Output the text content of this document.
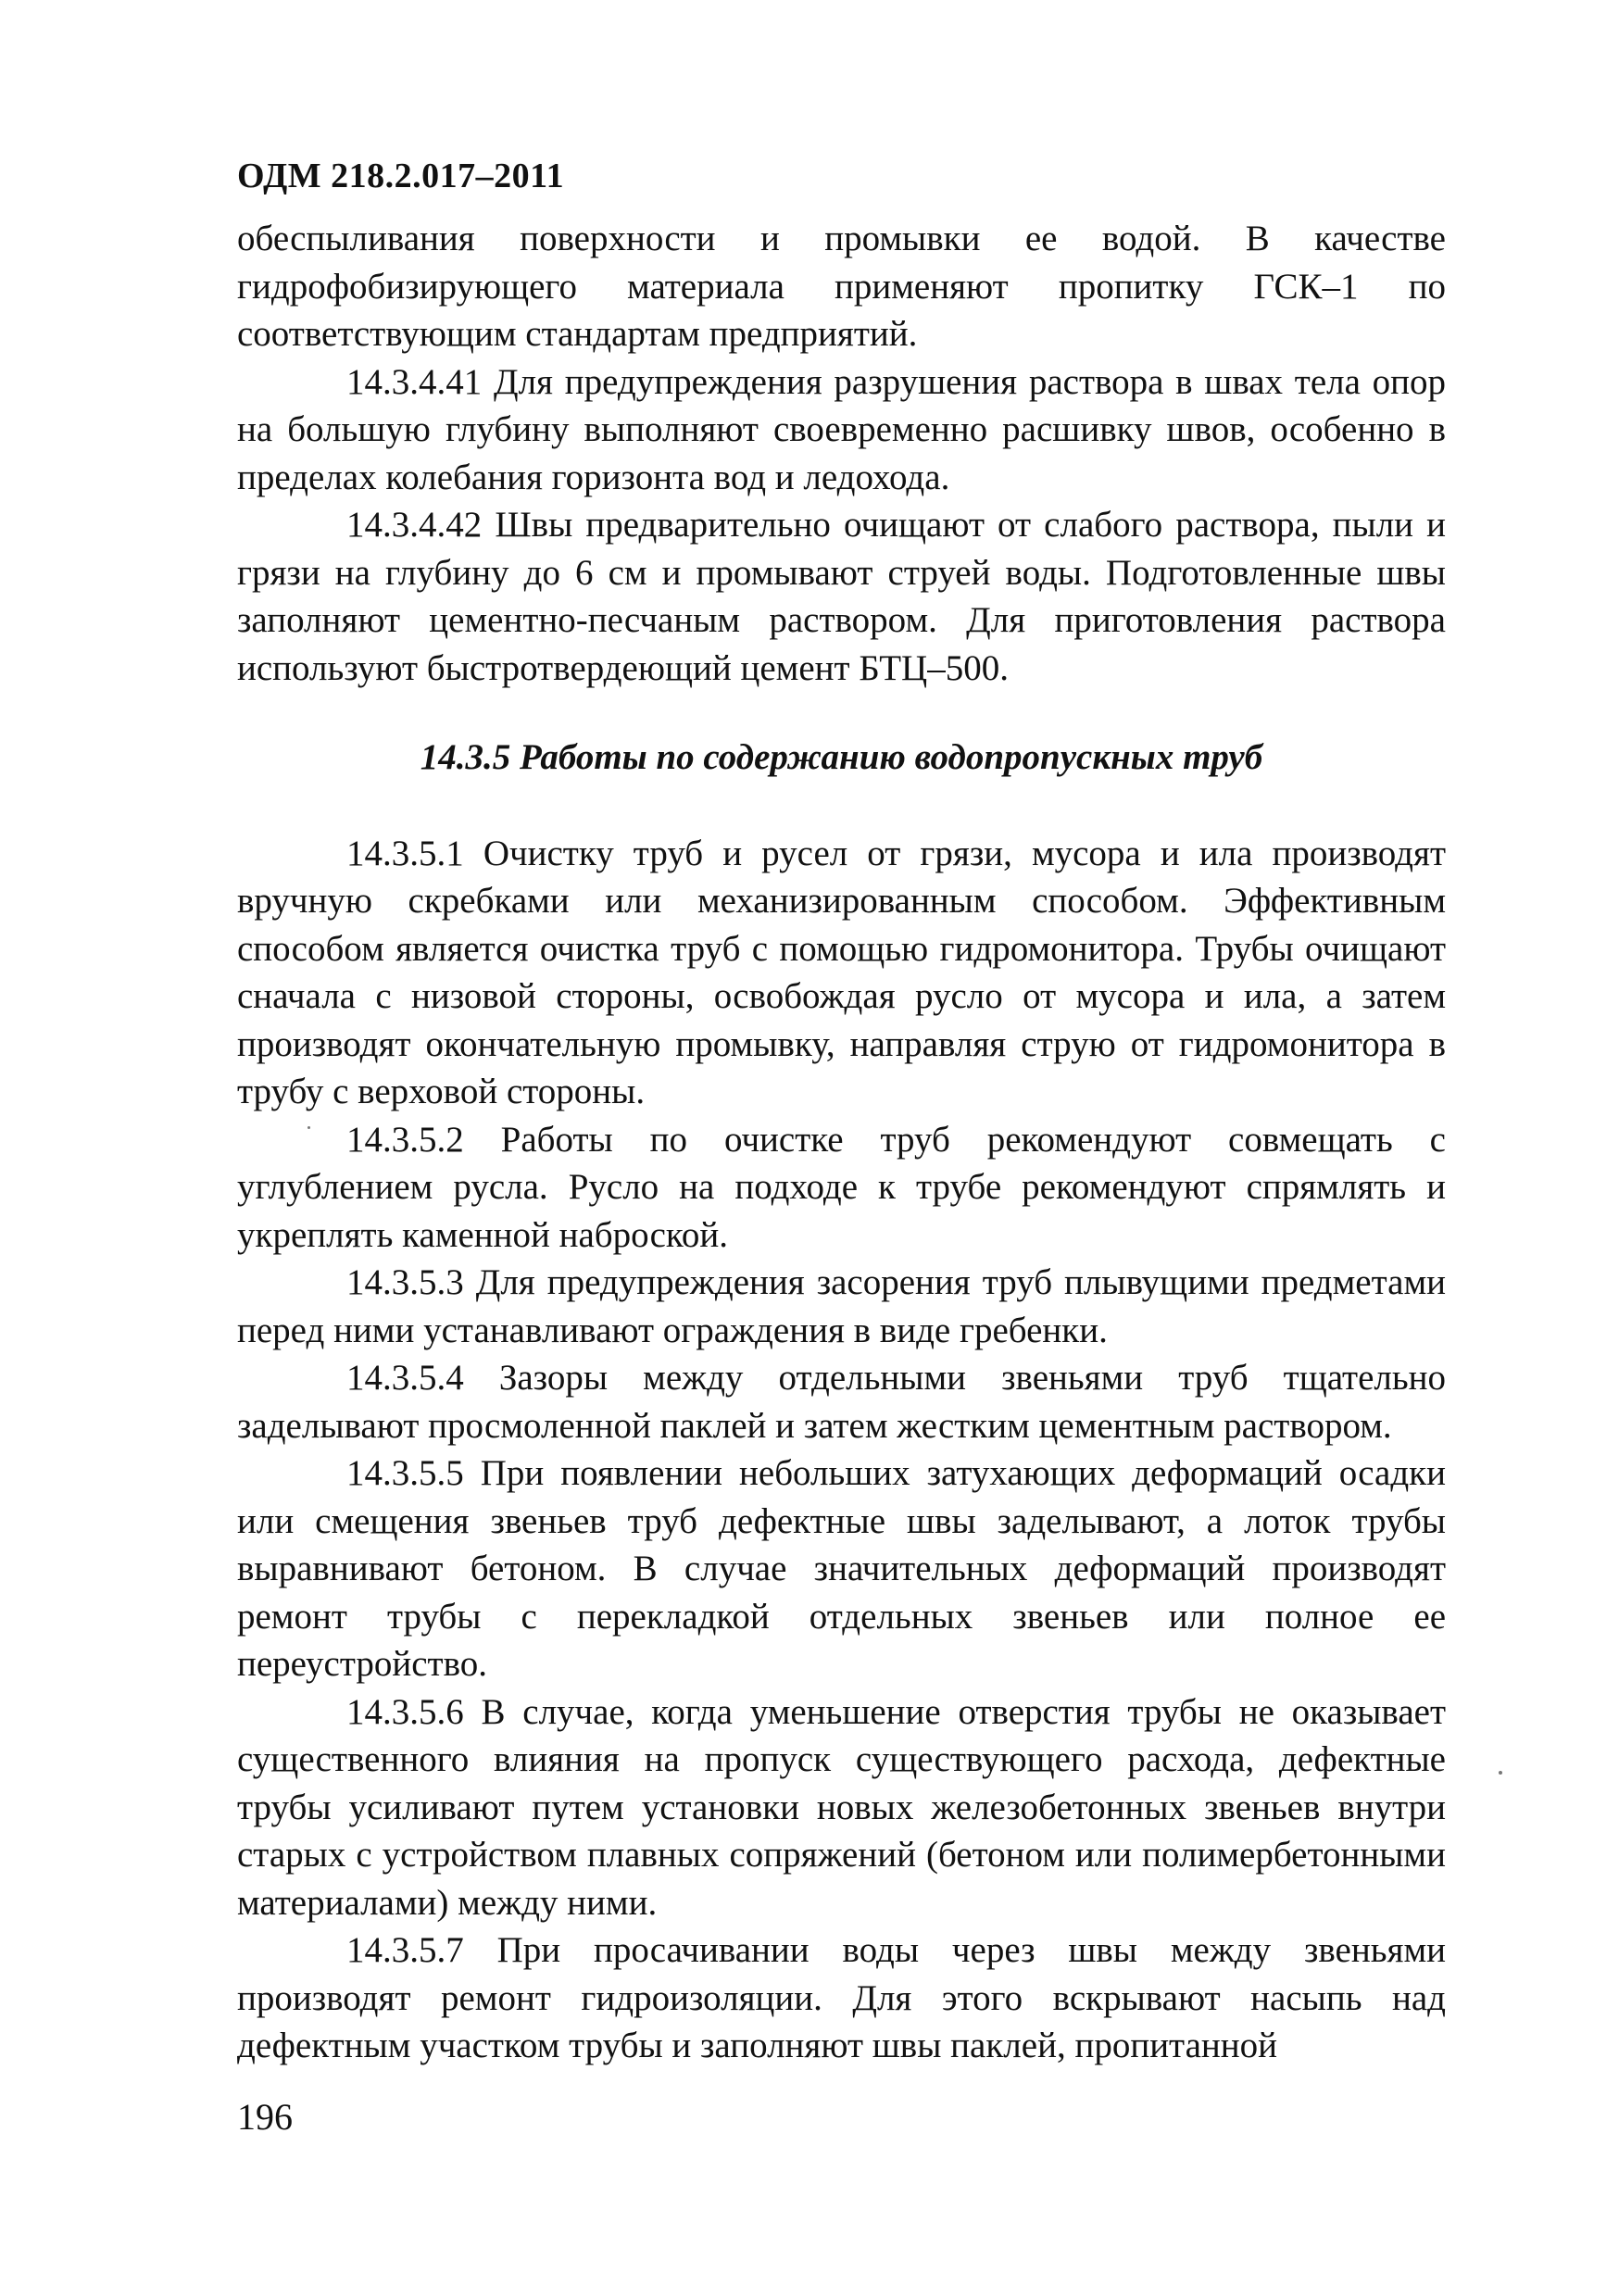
ОДМ 218.2.017–2011

обеспыливания поверхности и промывки ее водой. В качестве гидрофобизирующего материала применяют пропитку ГСК–1 по соответствующим стандартам предприятий.

14.3.4.41 Для предупреждения разрушения раствора в швах тела опор на большую глубину выполняют своевременно расшивку швов, особенно в пределах колебания горизонта вод и ледохода.

14.3.4.42 Швы предварительно очищают от слабого раствора, пыли и грязи на глубину до 6 см и промывают струей воды. Подготовленные швы заполняют цементно-песчаным раствором. Для приготовления раствора используют быстротвердеющий цемент БТЦ–500.

14.3.5 Работы по содержанию водопропускных труб

14.3.5.1 Очистку труб и русел от грязи, мусора и ила производят вручную скребками или механизированным способом. Эффективным способом является очистка труб с помощью гидромонитора. Трубы очищают сначала с низовой стороны, освобождая русло от мусора и ила, а затем производят окончательную промывку, направляя струю от гидромонитора в трубу с верховой стороны.

14.3.5.2 Работы по очистке труб рекомендуют совмещать с углублением русла. Русло на подходе к трубе рекомендуют спрямлять и укреплять каменной наброской.

14.3.5.3 Для предупреждения засорения труб плывущими предметами перед ними устанавливают ограждения в виде гребенки.

14.3.5.4 Зазоры между отдельными звеньями труб тщательно заделывают просмоленной паклей и затем жестким цементным раствором.

14.3.5.5 При появлении небольших затухающих деформаций осадки или смещения звеньев труб дефектные швы заделывают, а лоток трубы выравнивают бетоном. В случае значительных деформаций производят ремонт трубы с перекладкой отдельных звеньев или полное ее переустройство.

14.3.5.6 В случае, когда уменьшение отверстия трубы не оказывает существенного влияния на пропуск существующего расхода, дефектные трубы усиливают путем установки новых железобетонных звеньев внутри старых с устройством плавных сопряжений (бетоном или полимербетонными материалами) между ними.

14.3.5.7 При просачивании воды через швы между звеньями производят ремонт гидроизоляции. Для этого вскрывают насыпь над дефектным участком трубы и заполняют швы паклей, пропитанной

196
